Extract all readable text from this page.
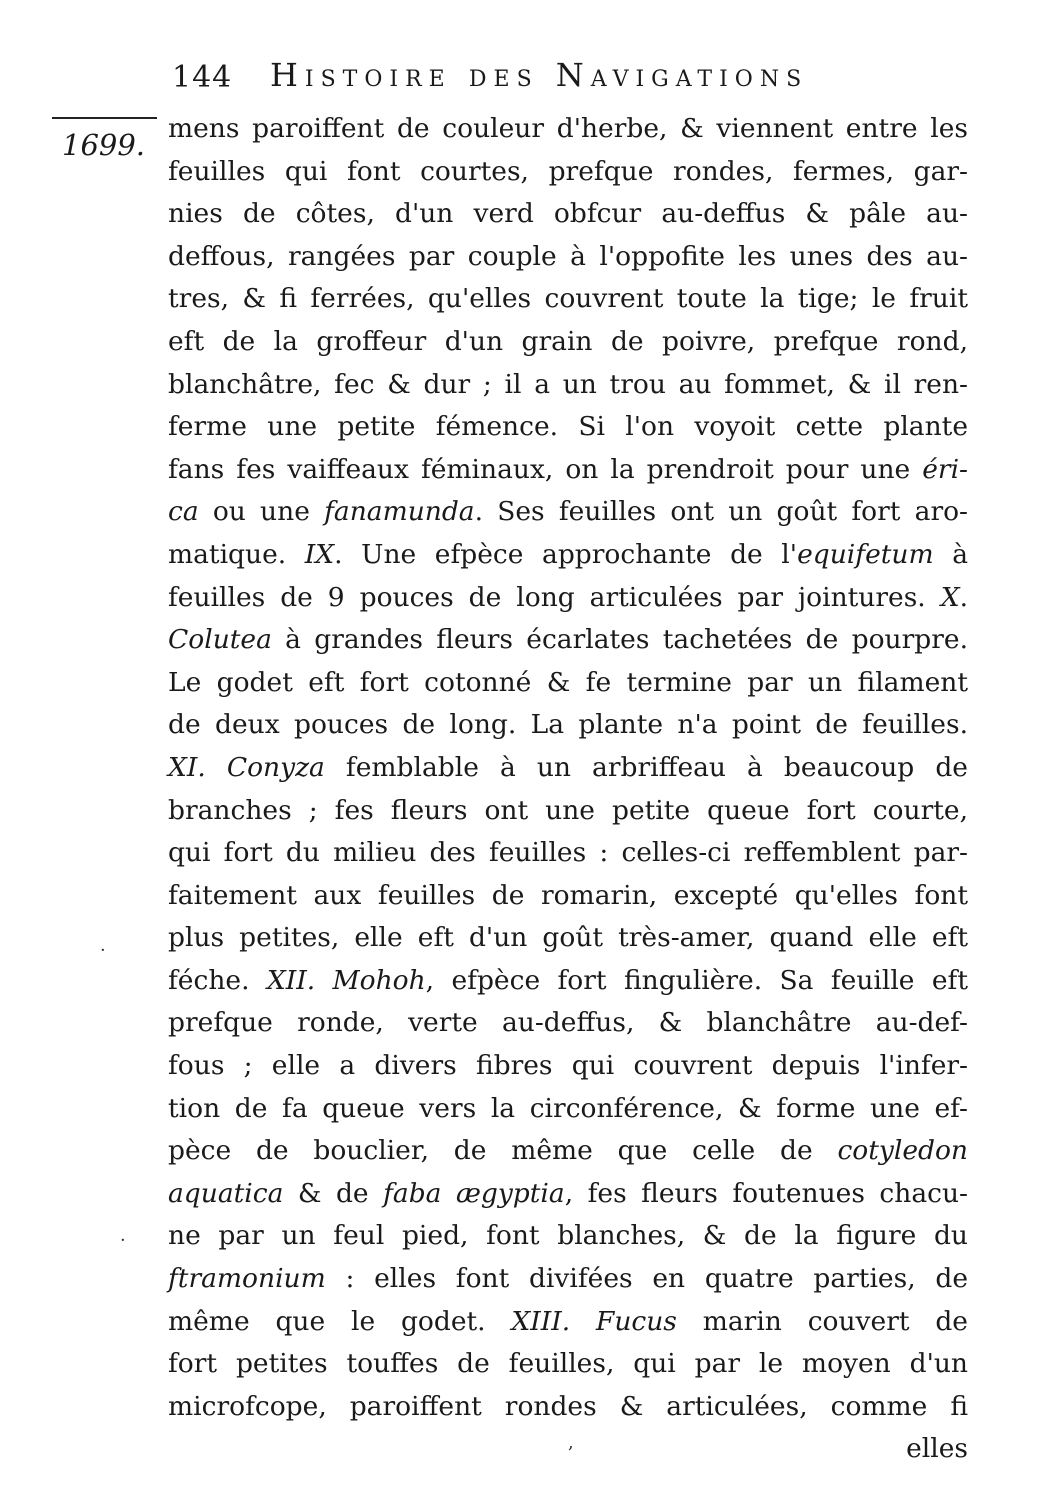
144 Histoire des Navigations
1699. mens paroiffent de couleur d'herbe, & viennent entre les
feuilles qui font courtes, prefque rondes, fermes, gar-
nies de côtes, d'un verd obfcur au-deffus & pâle au-
deffous, rangées par couple à l'oppofite les unes des au-
tres, & fi ferrées, qu'elles couvrent toute la tige; le fruit
eft de la groffeur d'un grain de poivre, prefque rond,
blanchâtre, fec & dur ; il a un trou au fommet, & il ren-
ferme une petite fémence. Si l'on voyoit cette plante
fans fes vaiffeaux féminaux, on la prendroit pour une éri-
ca ou une fanamunda. Ses feuilles ont un goût fort aro-
matique. IX. Une efpèce approchante de l'equifetum à
feuilles de 9 pouces de long articulées par jointures. X.
Colutea à grandes fleurs écarlates tachetées de pourpre.
Le godet eft fort cotonné & fe termine par un filament
de deux pouces de long. La plante n'a point de feuilles.
XI. Conyza femblable à un arbriffeau à beaucoup de
branches ; fes fleurs ont une petite queue fort courte,
qui fort du milieu des feuilles : celles-ci reffemblent par-
faitement aux feuilles de romarin, excepté qu'elles font
plus petites, elle eft d'un goût très-amer, quand elle eft
féche. XII. Mohoh, efpèce fort fingulière. Sa feuille eft
prefque ronde, verte au-deffus, & blanchâtre au-def-
fous ; elle a divers fibres qui couvrent depuis l'infer-
tion de fa queue vers la circonférence, & forme une ef-
pèce de bouclier, de même que celle de cotyledon
aquatica & de faba ægyptia, fes fleurs foutenues chacu-
ne par un feul pied, font blanches, & de la figure du
ftramonium : elles font divifées en quatre parties, de
même que le godet. XIII. Fucus marin couvert de
fort petites touffes de feuilles, qui par le moyen d'un
microfcope, paroiffent rondes & articulées, comme fi
elles
·
·
,
